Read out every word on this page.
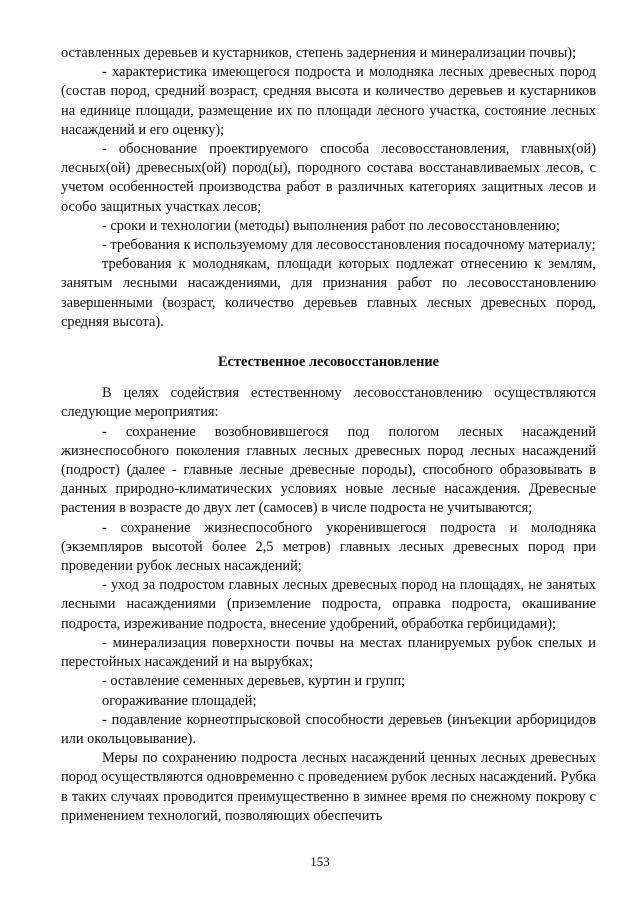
оставленных деревьев и кустарников, степень задернения и минерализации почвы);

- характеристика имеющегося подроста и молодняка лесных древесных пород (состав пород, средний возраст, средняя высота и количество деревьев и кустарников на единице площади, размещение их по площади лесного участка, состояние лесных насаждений и его оценку);

- обоснование проектируемого способа лесовосстановления, главных(ой) лесных(ой) древесных(ой) пород(ы), породного состава восстанавливаемых лесов, с учетом особенностей производства работ в различных категориях защитных лесов и особо защитных участках лесов;

- сроки и технологии (методы) выполнения работ по лесовосстановлению;

- требования к используемому для лесовосстановления посадочному материалу;

требования к молоднякам, площади которых подлежат отнесению к землям, занятым лесными насаждениями, для признания работ по лесовосстановлению завершенными (возраст, количество деревьев главных лесных древесных пород, средняя высота).

Естественное лесовосстановление

В целях содействия естественному лесовосстановлению осуществляются следующие мероприятия:

- сохранение возобновившегося под пологом лесных насаждений жизнеспособного поколения главных лесных древесных пород лесных насаждений (подрост) (далее - главные лесные древесные породы), способного образовывать в данных природно-климатических условиях новые лесные насаждения. Древесные растения в возрасте до двух лет (самосев) в числе подроста не учитываются;

- сохранение жизнеспособного укоренившегося подроста и молодняка (экземпляров высотой более 2,5 метров) главных лесных древесных пород при проведении рубок лесных насаждений;

- уход за подростом главных лесных древесных пород на площадях, не занятых лесными насаждениями (приземление подроста, оправка подроста, окашивание подроста, изреживание подроста, внесение удобрений, обработка гербицидами);

- минерализация поверхности почвы на местах планируемых рубок спелых и перестойных насаждений и на вырубках;

- оставление семенных деревьев, куртин и групп;

огораживание площадей;

- подавление корнеотпрысковой способности деревьев (инъекции арборицидов или окольцовывание).

Меры по сохранению подроста лесных насаждений ценных лесных древесных пород осуществляются одновременно с проведением рубок лесных насаждений. Рубка в таких случаях проводится преимущественно в зимнее время по снежному покрову с применением технологий, позволяющих обеспечить

153
